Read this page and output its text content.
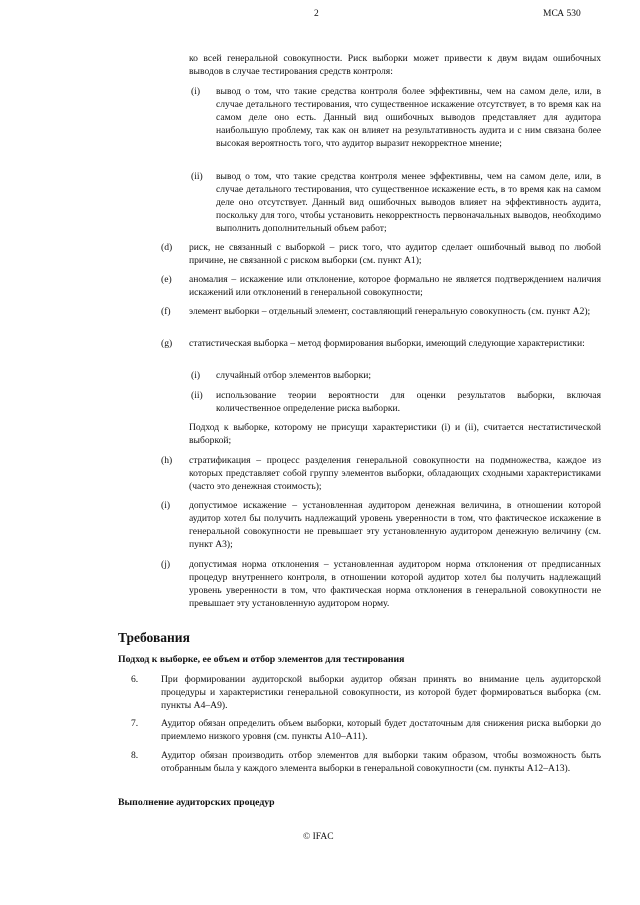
2	МСА 530
ко всей генеральной совокупности. Риск выборки может привести к двум видам ошибочных выводов в случае тестирования средств контроля:
(i) вывод о том, что такие средства контроля более эффективны, чем на самом деле, или, в случае детального тестирования, что существенное искажение отсутствует, в то время как на самом деле оно есть. Данный вид ошибочных выводов представляет для аудитора наибольшую проблему, так как он влияет на результативность аудита и с ним связана более высокая вероятность того, что аудитор выразит некорректное мнение;
(ii) вывод о том, что такие средства контроля менее эффективны, чем на самом деле, или, в случае детального тестирования, что существенное искажение есть, в то время как на самом деле оно отсутствует. Данный вид ошибочных выводов влияет на эффективность аудита, поскольку для того, чтобы установить некорректность первоначальных выводов, необходимо выполнить дополнительный объем работ;
(d) риск, не связанный с выборкой – риск того, что аудитор сделает ошибочный вывод по любой причине, не связанной с риском выборки (см. пункт А1);
(e) аномалия – искажение или отклонение, которое формально не является подтверждением наличия искажений или отклонений в генеральной совокупности;
(f) элемент выборки – отдельный элемент, составляющий генеральную совокупность (см. пункт А2);
(g) статистическая выборка – метод формирования выборки, имеющий следующие характеристики:
(i) случайный отбор элементов выборки;
(ii) использование теории вероятности для оценки результатов выборки, включая количественное определение риска выборки.
Подход к выборке, которому не присущи характеристики (i) и (ii), считается нестатистической выборкой;
(h) стратификация – процесс разделения генеральной совокупности на подмножества, каждое из которых представляет собой группу элементов выборки, обладающих сходными характеристиками (часто это денежная стоимость);
(i) допустимое искажение – установленная аудитором денежная величина, в отношении которой аудитор хотел бы получить надлежащий уровень уверенности в том, что фактическое искажение в генеральной совокупности не превышает эту установленную аудитором денежную величину (см. пункт А3);
(j) допустимая норма отклонения – установленная аудитором норма отклонения от предписанных процедур внутреннего контроля, в отношении которой аудитор хотел бы получить надлежащий уровень уверенности в том, что фактическая норма отклонения в генеральной совокупности не превышает эту установленную аудитором норму.
Требования
Подход к выборке, ее объем и отбор элементов для тестирования
6. При формировании аудиторской выборки аудитор обязан принять во внимание цель аудиторской процедуры и характеристики генеральной совокупности, из которой будет формироваться выборка (см. пункты А4–А9).
7. Аудитор обязан определить объем выборки, который будет достаточным для снижения риска выборки до приемлемо низкого уровня (см. пункты А10–А11).
8. Аудитор обязан производить отбор элементов для выборки таким образом, чтобы возможность быть отобранным была у каждого элемента выборки в генеральной совокупности (см. пункты А12–А13).
Выполнение аудиторских процедур
© IFAC
